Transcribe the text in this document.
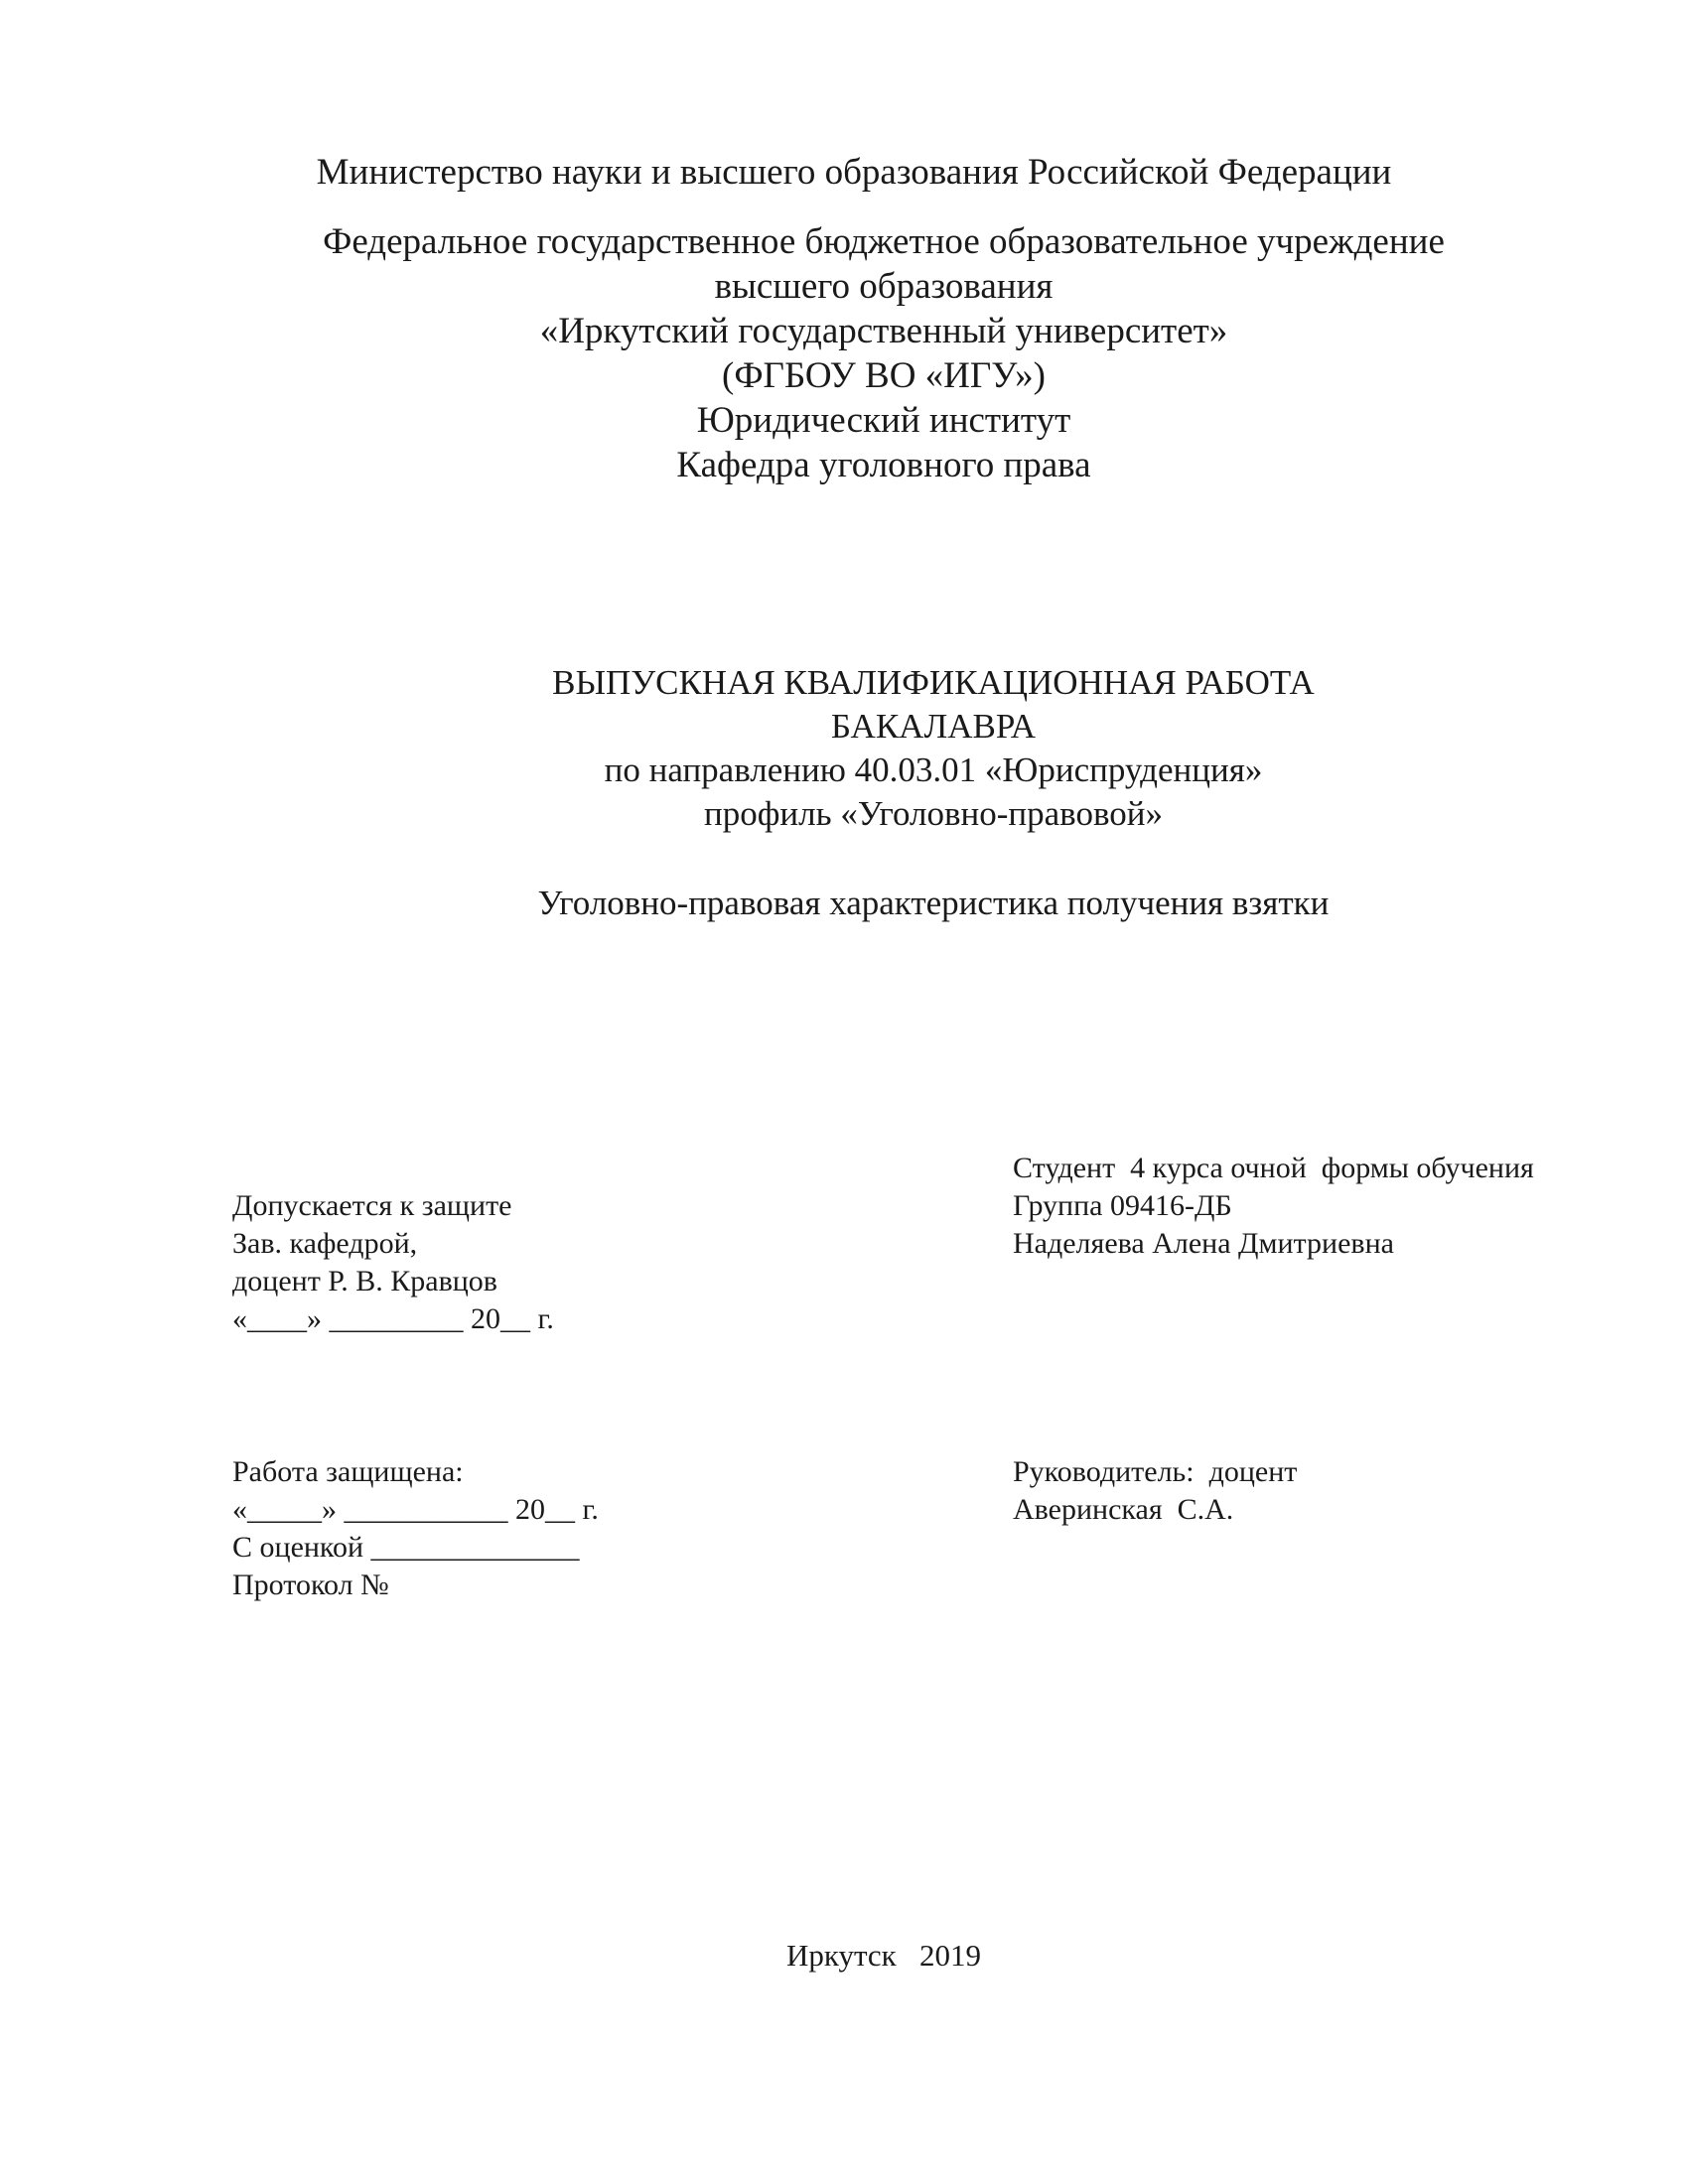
Министерство науки и высшего образования Российской Федерации
Федеральное государственное бюджетное образовательное учреждение
высшего образования
«Иркутский государственный университет»
(ФГБОУ ВО «ИГУ»)
Юридический институт
Кафедра уголовного права
ВЫПУСКНАЯ КВАЛИФИКАЦИОННАЯ РАБОТА
БАКАЛАВРА
по направлению 40.03.01 «Юриспруденция»
профиль «Уголовно-правовой»
Уголовно-правовая характеристика получения взятки
Студент  4 курса очной  формы обучения
Группа 09416-ДБ
Наделяева Алена Дмитриевна
Допускается к защите
Зав. кафедрой,
доцент Р. В. Кравцов
«____» _________ 20__ г.
Работа защищена:
«_____» ___________ 20__ г.
С оценкой ______________
Протокол №
Руководитель:  доцент
Аверинская  С.А.
Иркутск   2019
